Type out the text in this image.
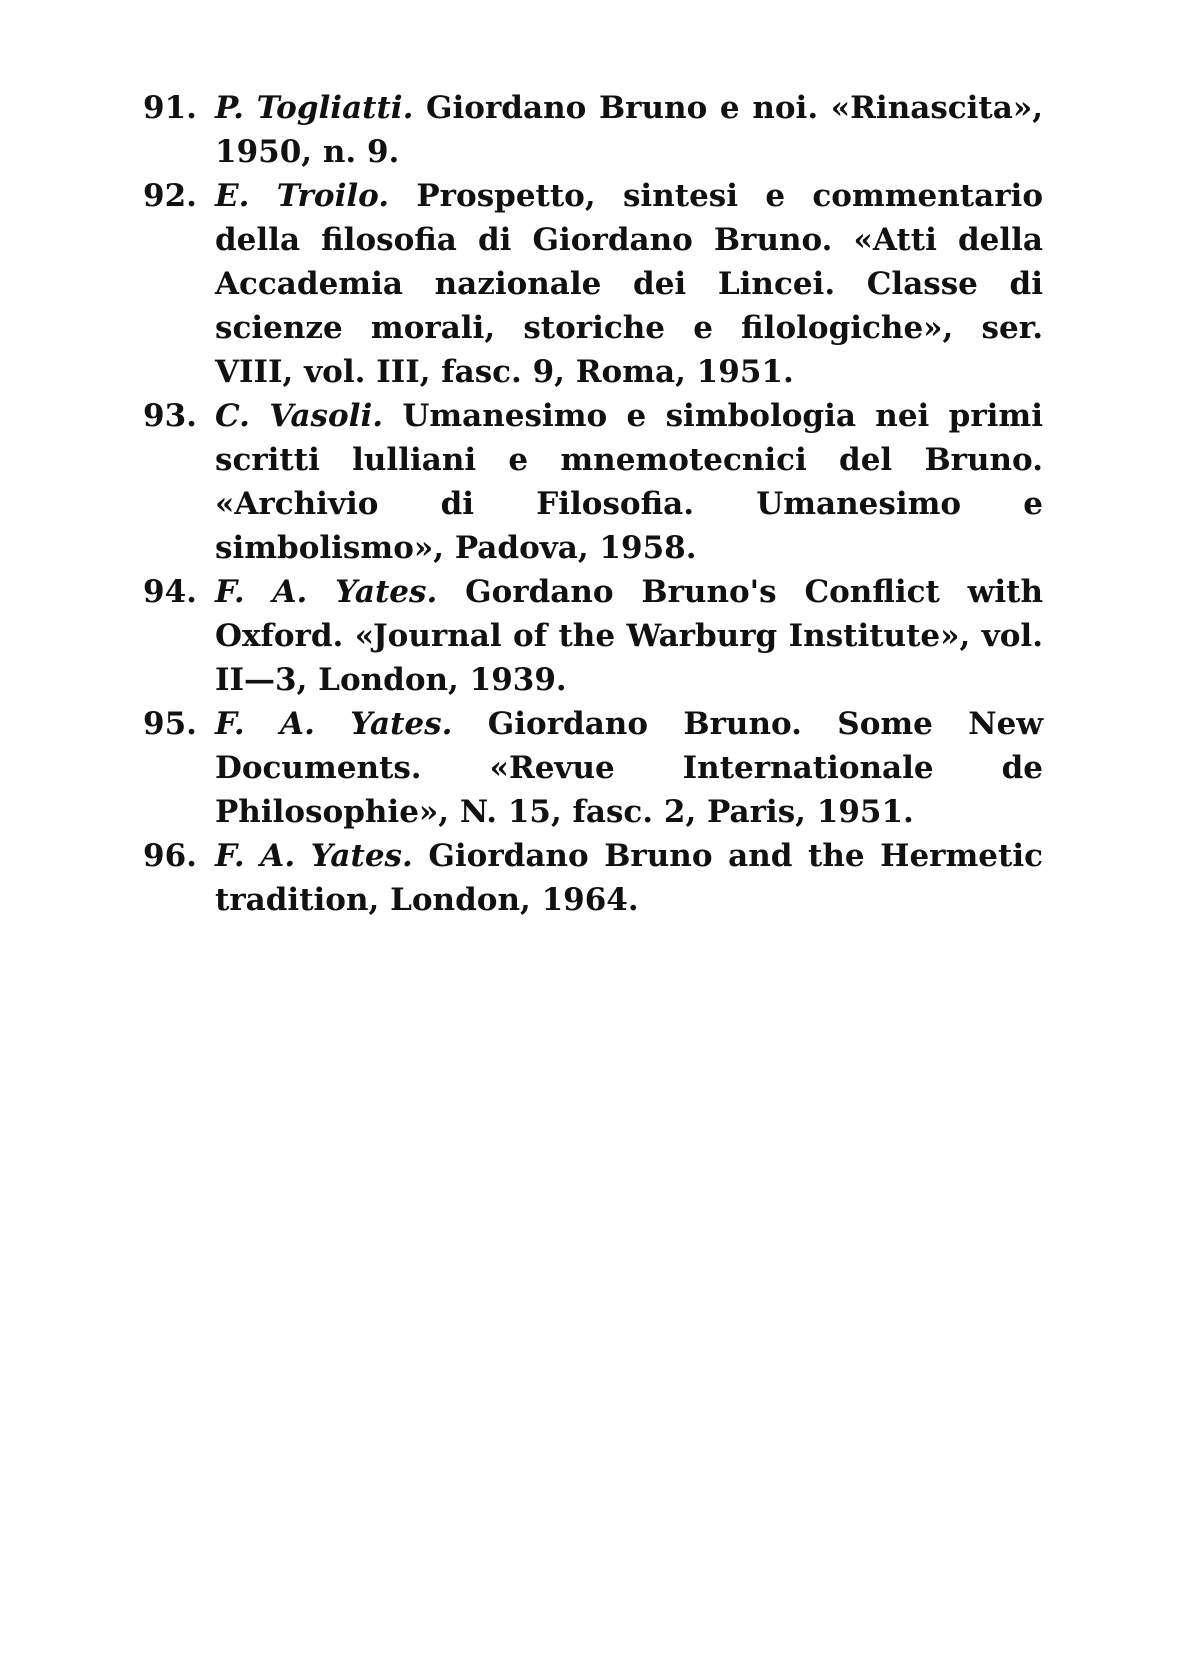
91. P. Togliatti. Giordano Bruno e noi. «Rinascita», 1950, n. 9.
92. E. Troilo. Prospetto, sintesi e commentario della filosofia di Giordano Bruno. «Atti della Accademia nazionale dei Lincei. Classe di scienze morali, storiche e filologiche», ser. VIII, vol. III, fasc. 9, Roma, 1951.
93. C. Vasoli. Umanesimo e simbologia nei primi scritti lulliani e mnemotecnici del Bruno. «Archivio di Filosofia. Umanesimo e simbolismo», Padova, 1958.
94. F. A. Yates. Gordano Bruno's Conflict with Oxford. «Journal of the Warburg Institute», vol. II—3, London, 1939.
95. F. A. Yates. Giordano Bruno. Some New Documents. «Revue Internationale de Philosophie», N. 15, fasc. 2, Paris, 1951.
96. F. A. Yates. Giordano Bruno and the Hermetic tradition, London, 1964.
